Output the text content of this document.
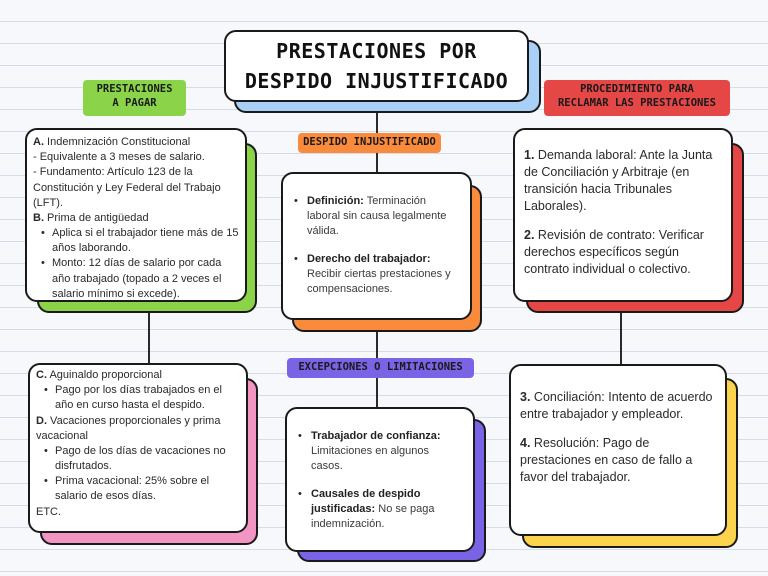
PRESTACIONES POR
DESPIDO INJUSTIFICADO
PRESTACIONES
A PAGAR
DESPIDO INJUSTIFICADO
EXCEPCIONES O LIMITACIONES
PROCEDIMIENTO PARA
RECLAMAR LAS PRESTACIONES
A. Indemnización Constitucional
- Equivalente a 3 meses de salario.
- Fundamento: Artículo 123 de la Constitución y Ley Federal del Trabajo (LFT).
B. Prima de antigüedad
• Aplica si el trabajador tiene más de 15 años laborando.
• Monto: 12 días de salario por cada año trabajado (topado a 2 veces el salario mínimo si excede).
C. Aguinaldo proporcional
• Pago por los días trabajados en el año en curso hasta el despido.
D. Vacaciones proporcionales y prima vacacional
• Pago de los días de vacaciones no disfrutados.
• Prima vacacional: 25% sobre el salario de esos días.
ETC.
• Definición: Terminación laboral sin causa legalmente válida.
• Derecho del trabajador: Recibir ciertas prestaciones y compensaciones.
• Trabajador de confianza: Limitaciones en algunos casos.
• Causales de despido justificadas: No se paga indemnización.

1. Demanda laboral: Ante la Junta de Conciliación y Arbitraje (en transición hacia Tribunales Laborales).

2. Revisión de contrato: Verificar derechos específicos según contrato individual o colectivo.

3. Conciliación: Intento de acuerdo entre trabajador y empleador.

4. Resolución: Pago de prestaciones en caso de fallo a favor del trabajador.
